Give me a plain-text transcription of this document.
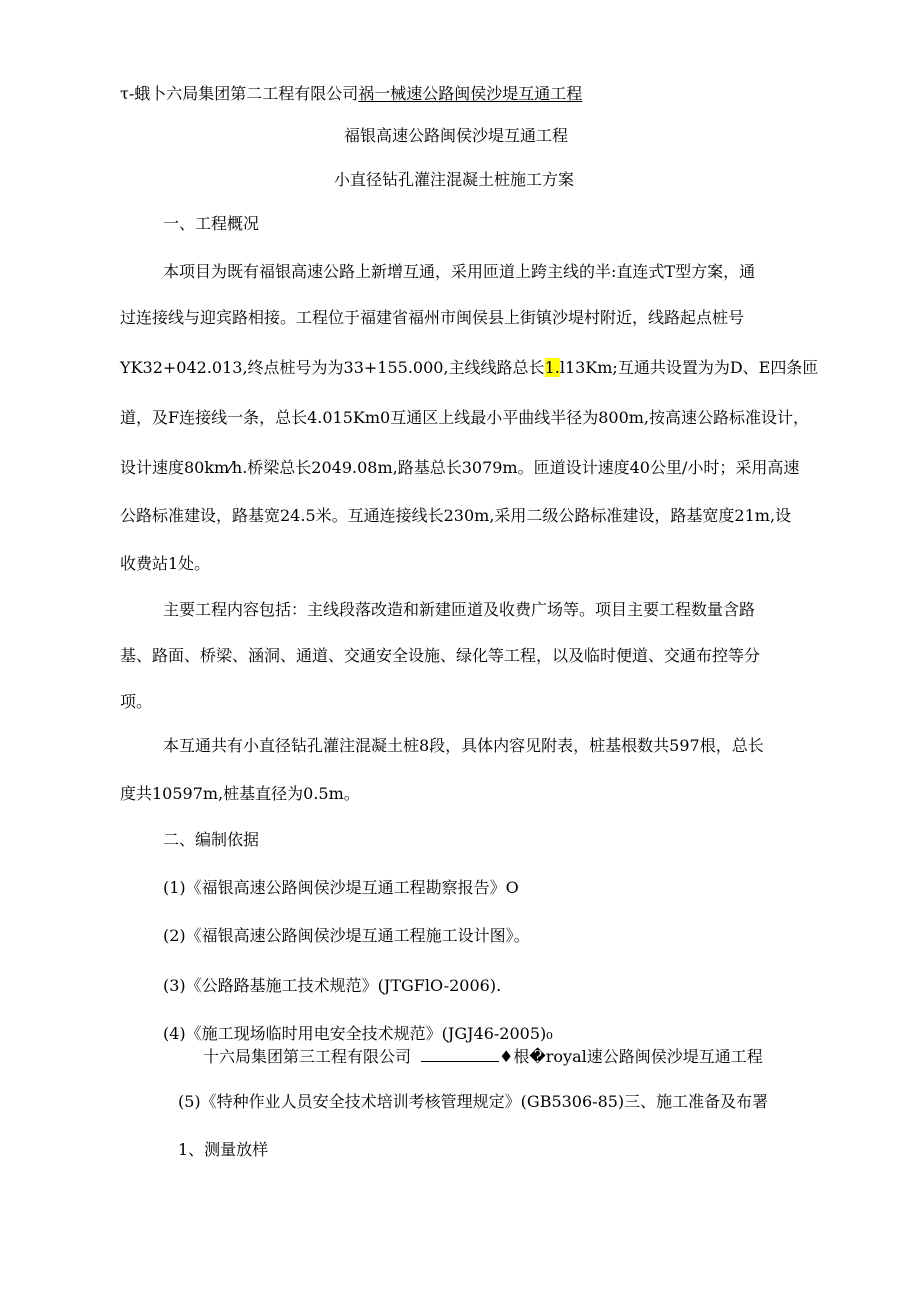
τ-蛾卜六局集团第二工程有限公司祸一械速公路闽侯沙堤互通工程
福银高速公路闽侯沙堤互通工程
小直径钻孔灌注混凝土桩施工方案
一、工程概况
本项目为既有福银高速公路上新增互通，采用匝道上跨主线的半:直连式T型方案，通
过连接线与迎宾路相接。工程位于福建省福州市闽侯县上街镇沙堤村附近，线路起点桩号
YK32+042.013,终点桩号为为33+155.000,主线线路总长1.l13Km;互通共设置为为D、E四条匝
道，及F连接线一条，总长4.015Km0互通区上线最小平曲线半径为800m,按高速公路标准设计，
设计速度80km⁄h.桥梁总长2049.08m,路基总长3079m。匝道设计速度40公里/小时；采用高速
公路标准建设，路基宽24.5米。互通连接线长230m,采用二级公路标准建设，路基宽度21m,设
收费站1处。
主要工程内容包括：主线段落改造和新建匝道及收费广场等。项目主要工程数量含路
基、路面、桥梁、涵洞、通道、交通安全设施、绿化等工程，以及临时便道、交通布控等分
项。
本互通共有小直径钻孔灌注混凝土桩8段，具体内容见附表，桩基根数共597根，总长
度共10597m,桩基直径为0.5m。
二、编制依据
(1)《福银高速公路闽侯沙堤互通工程勘察报告》O
(2)《福银高速公路闽侯沙堤互通工程施工设计图》。
(3)《公路路基施工技术规范》(JTGFlO-2006).
(4)《施工现场临时用电安全技术规范》(JGJ46-2005)₀
十六局集团第三工程有限公司	♦根�royal速公路闽侯沙堤互通工程
(5)《特种作业人员安全技术培训考核管理规定》(GB5306-85)三、施工准备及布署
1、测量放样
